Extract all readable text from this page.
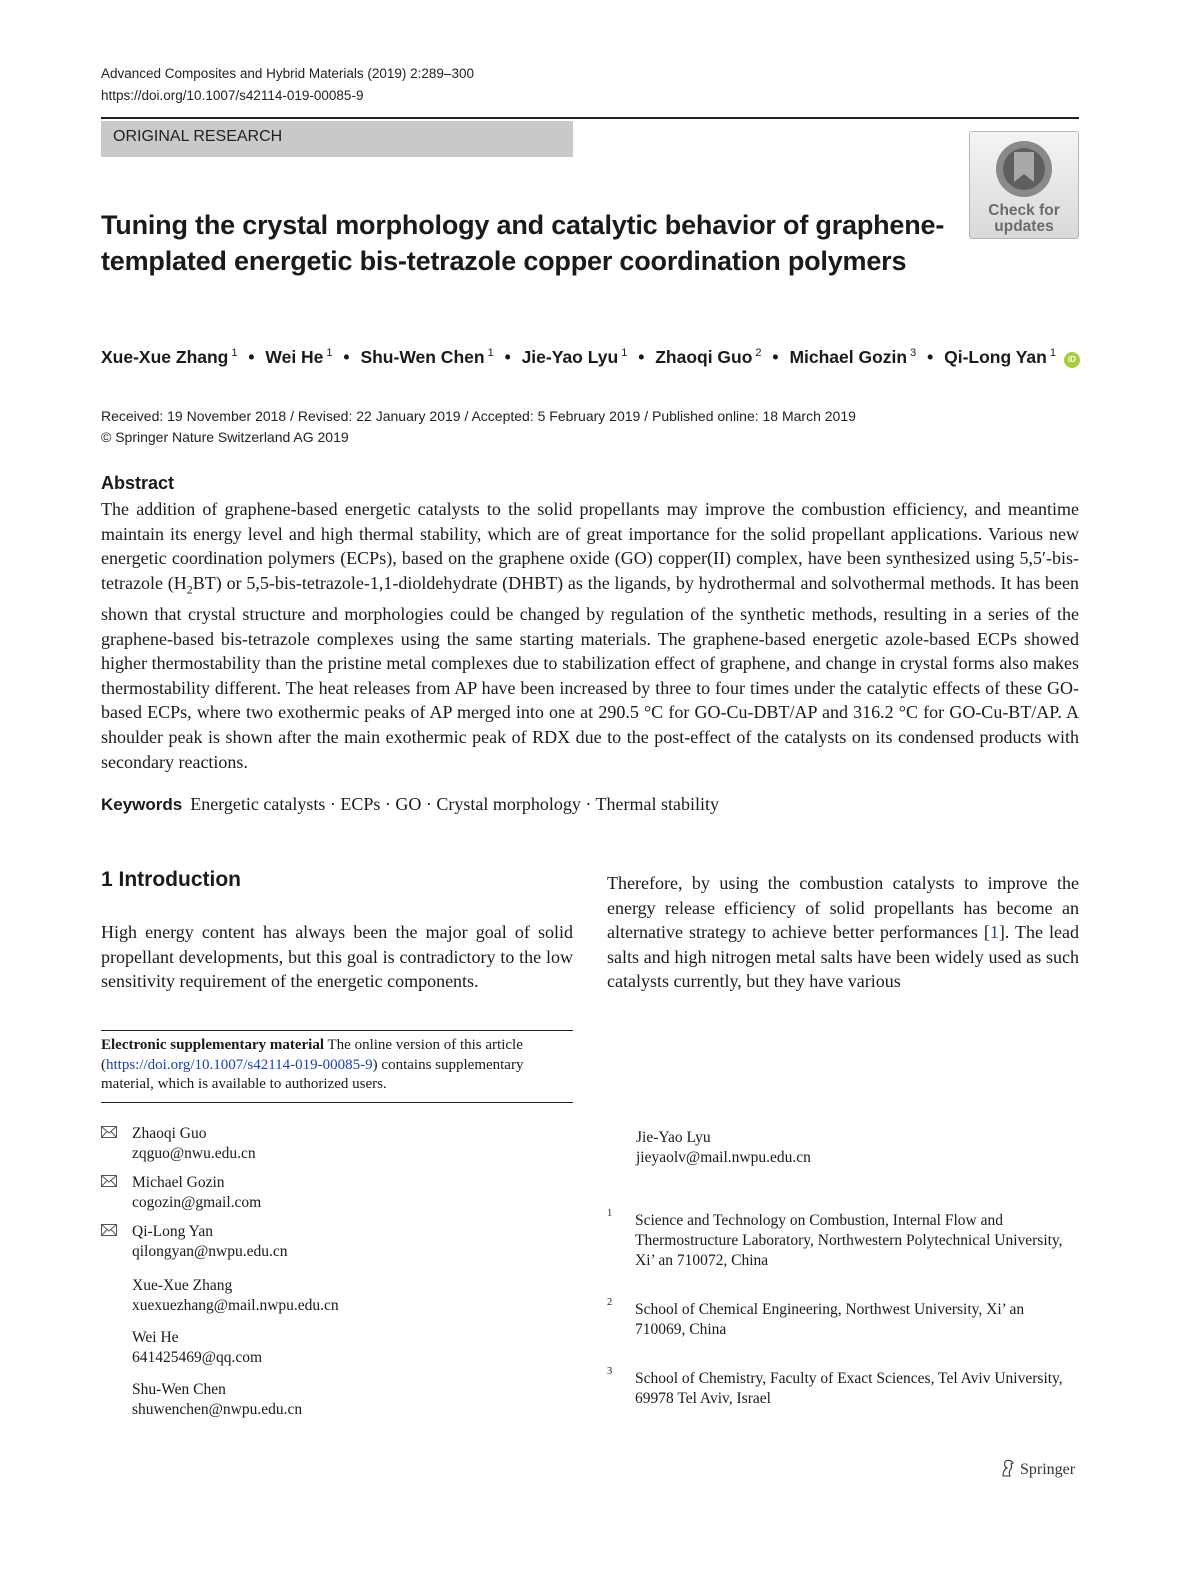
Advanced Composites and Hybrid Materials (2019) 2:289–300
https://doi.org/10.1007/s42114-019-00085-9
ORIGINAL RESEARCH
Check for updates
Tuning the crystal morphology and catalytic behavior of graphene-templated energetic bis-tetrazole copper coordination polymers
Xue-Xue Zhang $^1$ • Wei He $^1$ • Shu-Wen Chen $^1$ • Jie-Yao Lyu $^1$ • Zhaoqi Guo $^2$ • Michael Gozin $^3$ • Qi-Long Yan $^1$ iD
Received: 19 November 2018 / Revised: 22 January 2019 / Accepted: 5 February 2019 / Published online: 18 March 2019
© Springer Nature Switzerland AG 2019
Abstract

The addition of graphene-based energetic catalysts to the solid propellants may improve the combustion efficiency, and meantime maintain its energy level and high thermal stability, which are of great importance for the solid propellant applications. Various new energetic coordination polymers (ECPs), based on the graphene oxide (GO) copper(II) complex, have been synthesized using 5,5′-bis-tetrazole $(H_2BT)$ or 5,5-bis-tetrazole-1,1-dioldehydrate (DHBT) as the ligands, by hydrothermal and solvothermal methods. It has been shown that crystal structure and morphologies could be changed by regulation of the synthetic methods, resulting in a series of the graphene-based bis-tetrazole complexes using the same starting materials. The graphene-based energetic azole-based ECPs showed higher thermostability than the pristine metal complexes due to stabilization effect of graphene, and change in crystal forms also makes thermostability different. The heat releases from AP have been increased by three to four times under the catalytic effects of these GO-based ECPs, where two exothermic peaks of AP merged into one at 290.5 °C for GO-Cu-DBT/AP and 316.2 °C for GO-Cu-BT/AP. A shoulder peak is shown after the main exothermic peak of RDX due to the post-effect of the catalysts on its condensed products with secondary reactions.

Keywords Energetic catalysts · ECPs · GO · Crystal morphology · Thermal stability
1 Introduction

High energy content has always been the major goal of solid propellant developments, but this goal is contradictory to the low sensitivity requirement of the energetic components.

Therefore, by using the combustion catalysts to improve the energy release efficiency of solid propellants has become an alternative strategy to achieve better performances [1]. The lead salts and high nitrogen metal salts have been widely used as such catalysts currently, but they have various

Electronic supplementary material The online version of this article (https://doi.org/10.1007/s42114-019-00085-9) contains supplementary material, which is available to authorized users.
Zhaoqi Guo
zqguo@nwu.edu.cn
Michael Gozin
cogozin@gmail.com
Qi-Long Yan
qilongyan@nwpu.edu.cn
Xue-Xue Zhang
xuexuezhang@mail.nwpu.edu.cn
Wei He
641425469@qq.com
Shu-Wen Chen
shuwenchen@nwpu.edu.cn
Jie-Yao Lyu
jieyaolv@mail.nwpu.edu.cn
1 Science and Technology on Combustion, Internal Flow and Thermostructure Laboratory, Northwestern Polytechnical University, Xi’ an 710072, China
2 School of Chemical Engineering, Northwest University, Xi’ an 710069, China
3 School of Chemistry, Faculty of Exact Sciences, Tel Aviv University, 69978 Tel Aviv, Israel
Springer
